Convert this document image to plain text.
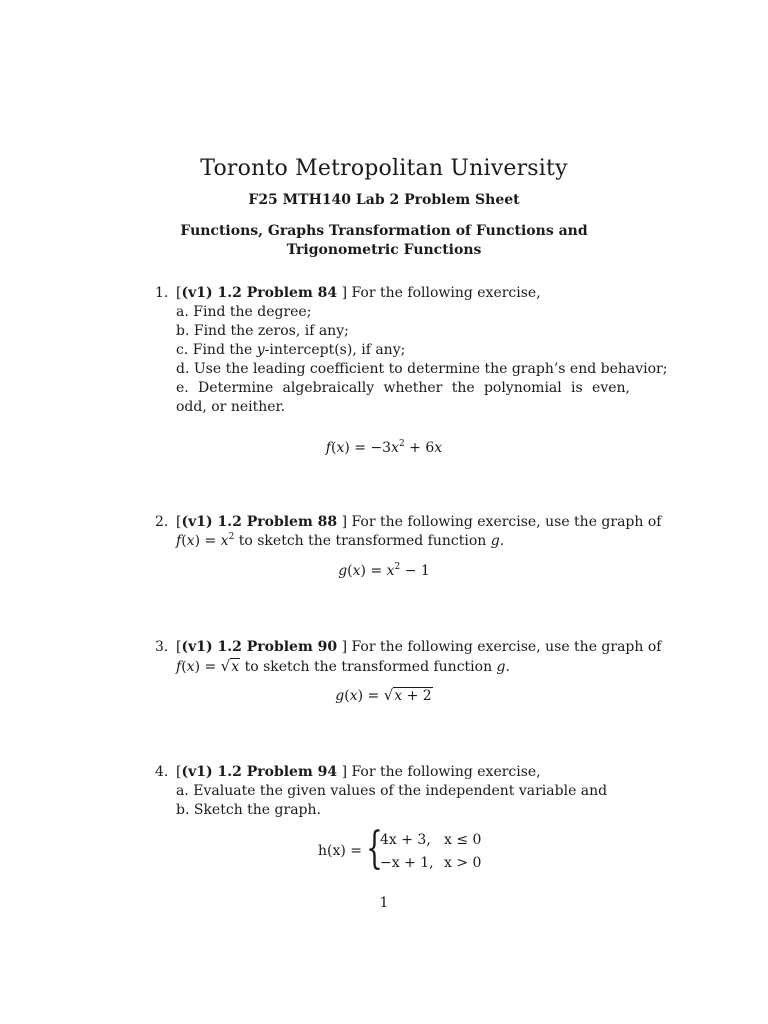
Toronto Metropolitan University
F25 MTH140 Lab 2 Problem Sheet
Functions, Graphs Transformation of Functions and
Trigonometric Functions
1. [(v1) 1.2 Problem 84 ] For the following exercise,
a. Find the degree;
b. Find the zeros, if any;
c. Find the y-intercept(s), if any;
d. Use the leading coefficient to determine the graph’s end behavior;
e. Determine algebraically whether the polynomial is even, odd, or neither.
$f(x) = -3x^2 + 6x$
2. [(v1) 1.2 Problem 88 ] For the following exercise, use the graph of
$f(x) = x^2$ to sketch the transformed function g.
$g(x) = x^2 - 1$
3. [(v1) 1.2 Problem 90 ] For the following exercise, use the graph of
f(x) = √x to sketch the transformed function g.
g(x) = √x + 2
4. [(v1) 1.2 Problem 94 ] For the following exercise,
a. Evaluate the given values of the independent variable and
b. Sketch the graph.
h(x) = {
4x + 3, x ≤ 0
−x + 1, x > 0
1
